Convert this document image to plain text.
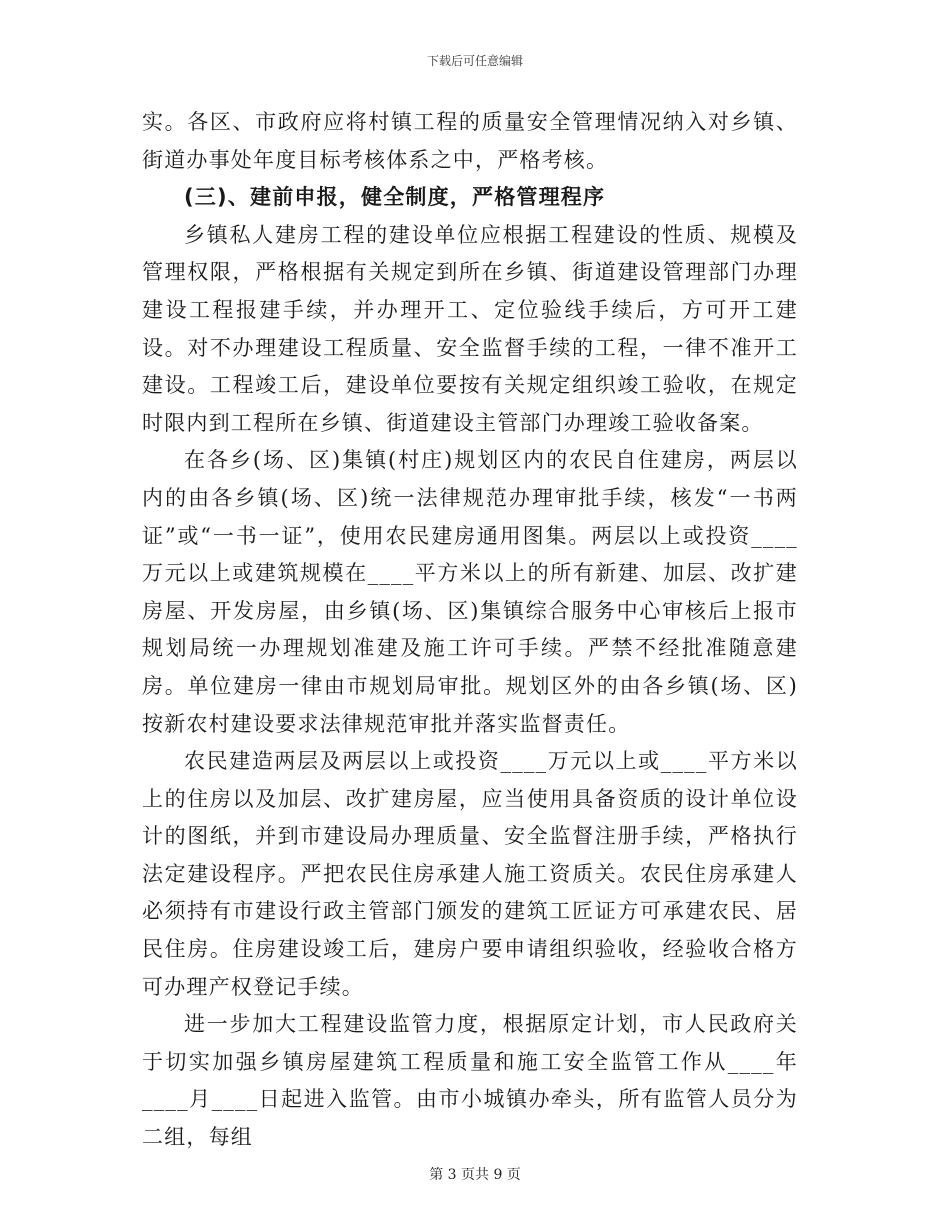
下载后可任意编辑

实。各区、市政府应将村镇工程的质量安全管理情况纳入对乡镇、街道办事处年度目标考核体系之中，严格考核。

(三)、建前申报，健全制度，严格管理程序

乡镇私人建房工程的建设单位应根据工程建设的性质、规模及管理权限，严格根据有关规定到所在乡镇、街道建设管理部门办理建设工程报建手续，并办理开工、定位验线手续后，方可开工建设。对不办理建设工程质量、安全监督手续的工程，一律不准开工建设。工程竣工后，建设单位要按有关规定组织竣工验收，在规定时限内到工程所在乡镇、街道建设主管部门办理竣工验收备案。

在各乡(场、区)集镇(村庄)规划区内的农民自住建房，两层以内的由各乡镇(场、区)统一法律规范办理审批手续，核发“一书两证”或“一书一证”，使用农民建房通用图集。两层以上或投资____万元以上或建筑规模在____平方米以上的所有新建、加层、改扩建房屋、开发房屋，由乡镇(场、区)集镇综合服务中心审核后上报市规划局统一办理规划准建及施工许可手续。严禁不经批准随意建房。单位建房一律由市规划局审批。规划区外的由各乡镇(场、区)按新农村建设要求法律规范审批并落实监督责任。

农民建造两层及两层以上或投资____万元以上或____平方米以上的住房以及加层、改扩建房屋，应当使用具备资质的设计单位设计的图纸，并到市建设局办理质量、安全监督注册手续，严格执行法定建设程序。严把农民住房承建人施工资质关。农民住房承建人必须持有市建设行政主管部门颁发的建筑工匠证方可承建农民、居民住房。住房建设竣工后，建房户要申请组织验收，经验收合格方可办理产权登记手续。

进一步加大工程建设监管力度，根据原定计划，市人民政府关于切实加强乡镇房屋建筑工程质量和施工安全监管工作从____年____月____日起进入监管。由市小城镇办牵头，所有监管人员分为二组，每组

第 3 页共 9 页
